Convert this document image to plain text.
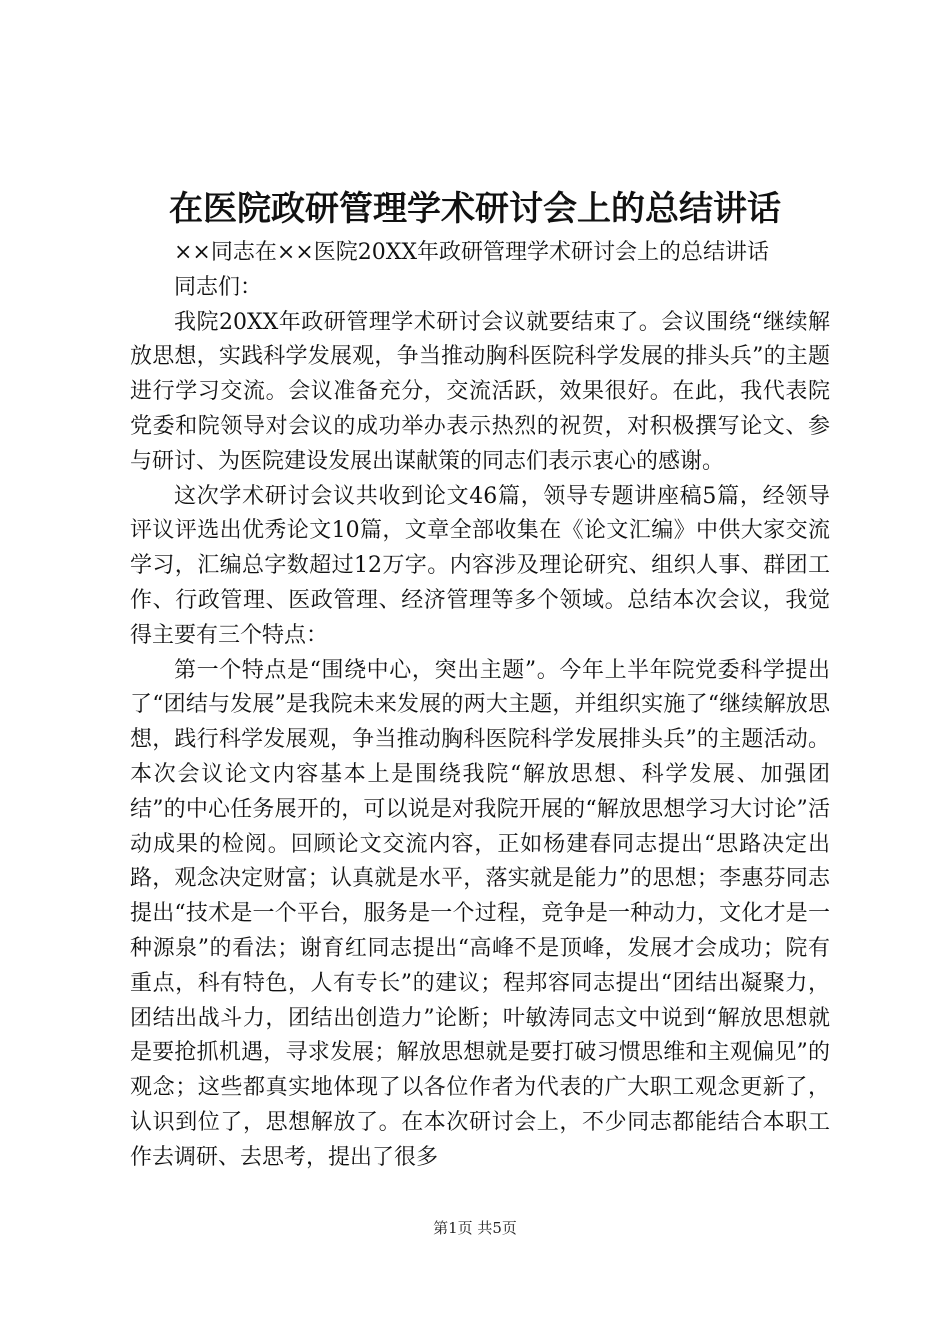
在医院政研管理学术研讨会上的总结讲话

××同志在××医院20XX年政研管理学术研讨会上的总结讲话

同志们：

我院20XX年政研管理学术研讨会议就要结束了。会议围绕“继续解放思想，实践科学发展观，争当推动胸科医院科学发展的排头兵”的主题进行学习交流。会议准备充分，交流活跃，效果很好。在此，我代表院党委和院领导对会议的成功举办表示热烈的祝贺，对积极撰写论文、参与研讨、为医院建设发展出谋献策的同志们表示衷心的感谢。

这次学术研讨会议共收到论文46篇，领导专题讲座稿5篇，经领导评议评选出优秀论文10篇，文章全部收集在《论文汇编》中供大家交流学习，汇编总字数超过12万字。内容涉及理论研究、组织人事、群团工作、行政管理、医政管理、经济管理等多个领域。总结本次会议，我觉得主要有三个特点：

第一个特点是“围绕中心，突出主题”。今年上半年院党委科学提出了“团结与发展”是我院未来发展的两大主题，并组织实施了“继续解放思想，践行科学发展观，争当推动胸科医院科学发展排头兵”的主题活动。本次会议论文内容基本上是围绕我院“解放思想、科学发展、加强团结”的中心任务展开的，可以说是对我院开展的“解放思想学习大讨论”活动成果的检阅。回顾论文交流内容，正如杨建春同志提出“思路决定出路，观念决定财富；认真就是水平，落实就是能力”的思想；李惠芬同志提出“技术是一个平台，服务是一个过程，竞争是一种动力，文化才是一种源泉”的看法；谢育红同志提出“高峰不是顶峰，发展才会成功；院有重点，科有特色，人有专长”的建议；程邦容同志提出“团结出凝聚力，团结出战斗力，团结出创造力”论断；叶敏涛同志文中说到“解放思想就是要抢抓机遇，寻求发展；解放思想就是要打破习惯思维和主观偏见”的观念；这些都真实地体现了以各位作者为代表的广大职工观念更新了，认识到位了，思想解放了。在本次研讨会上，不少同志都能结合本职工作去调研、去思考，提出了很多

第1页 共5页
